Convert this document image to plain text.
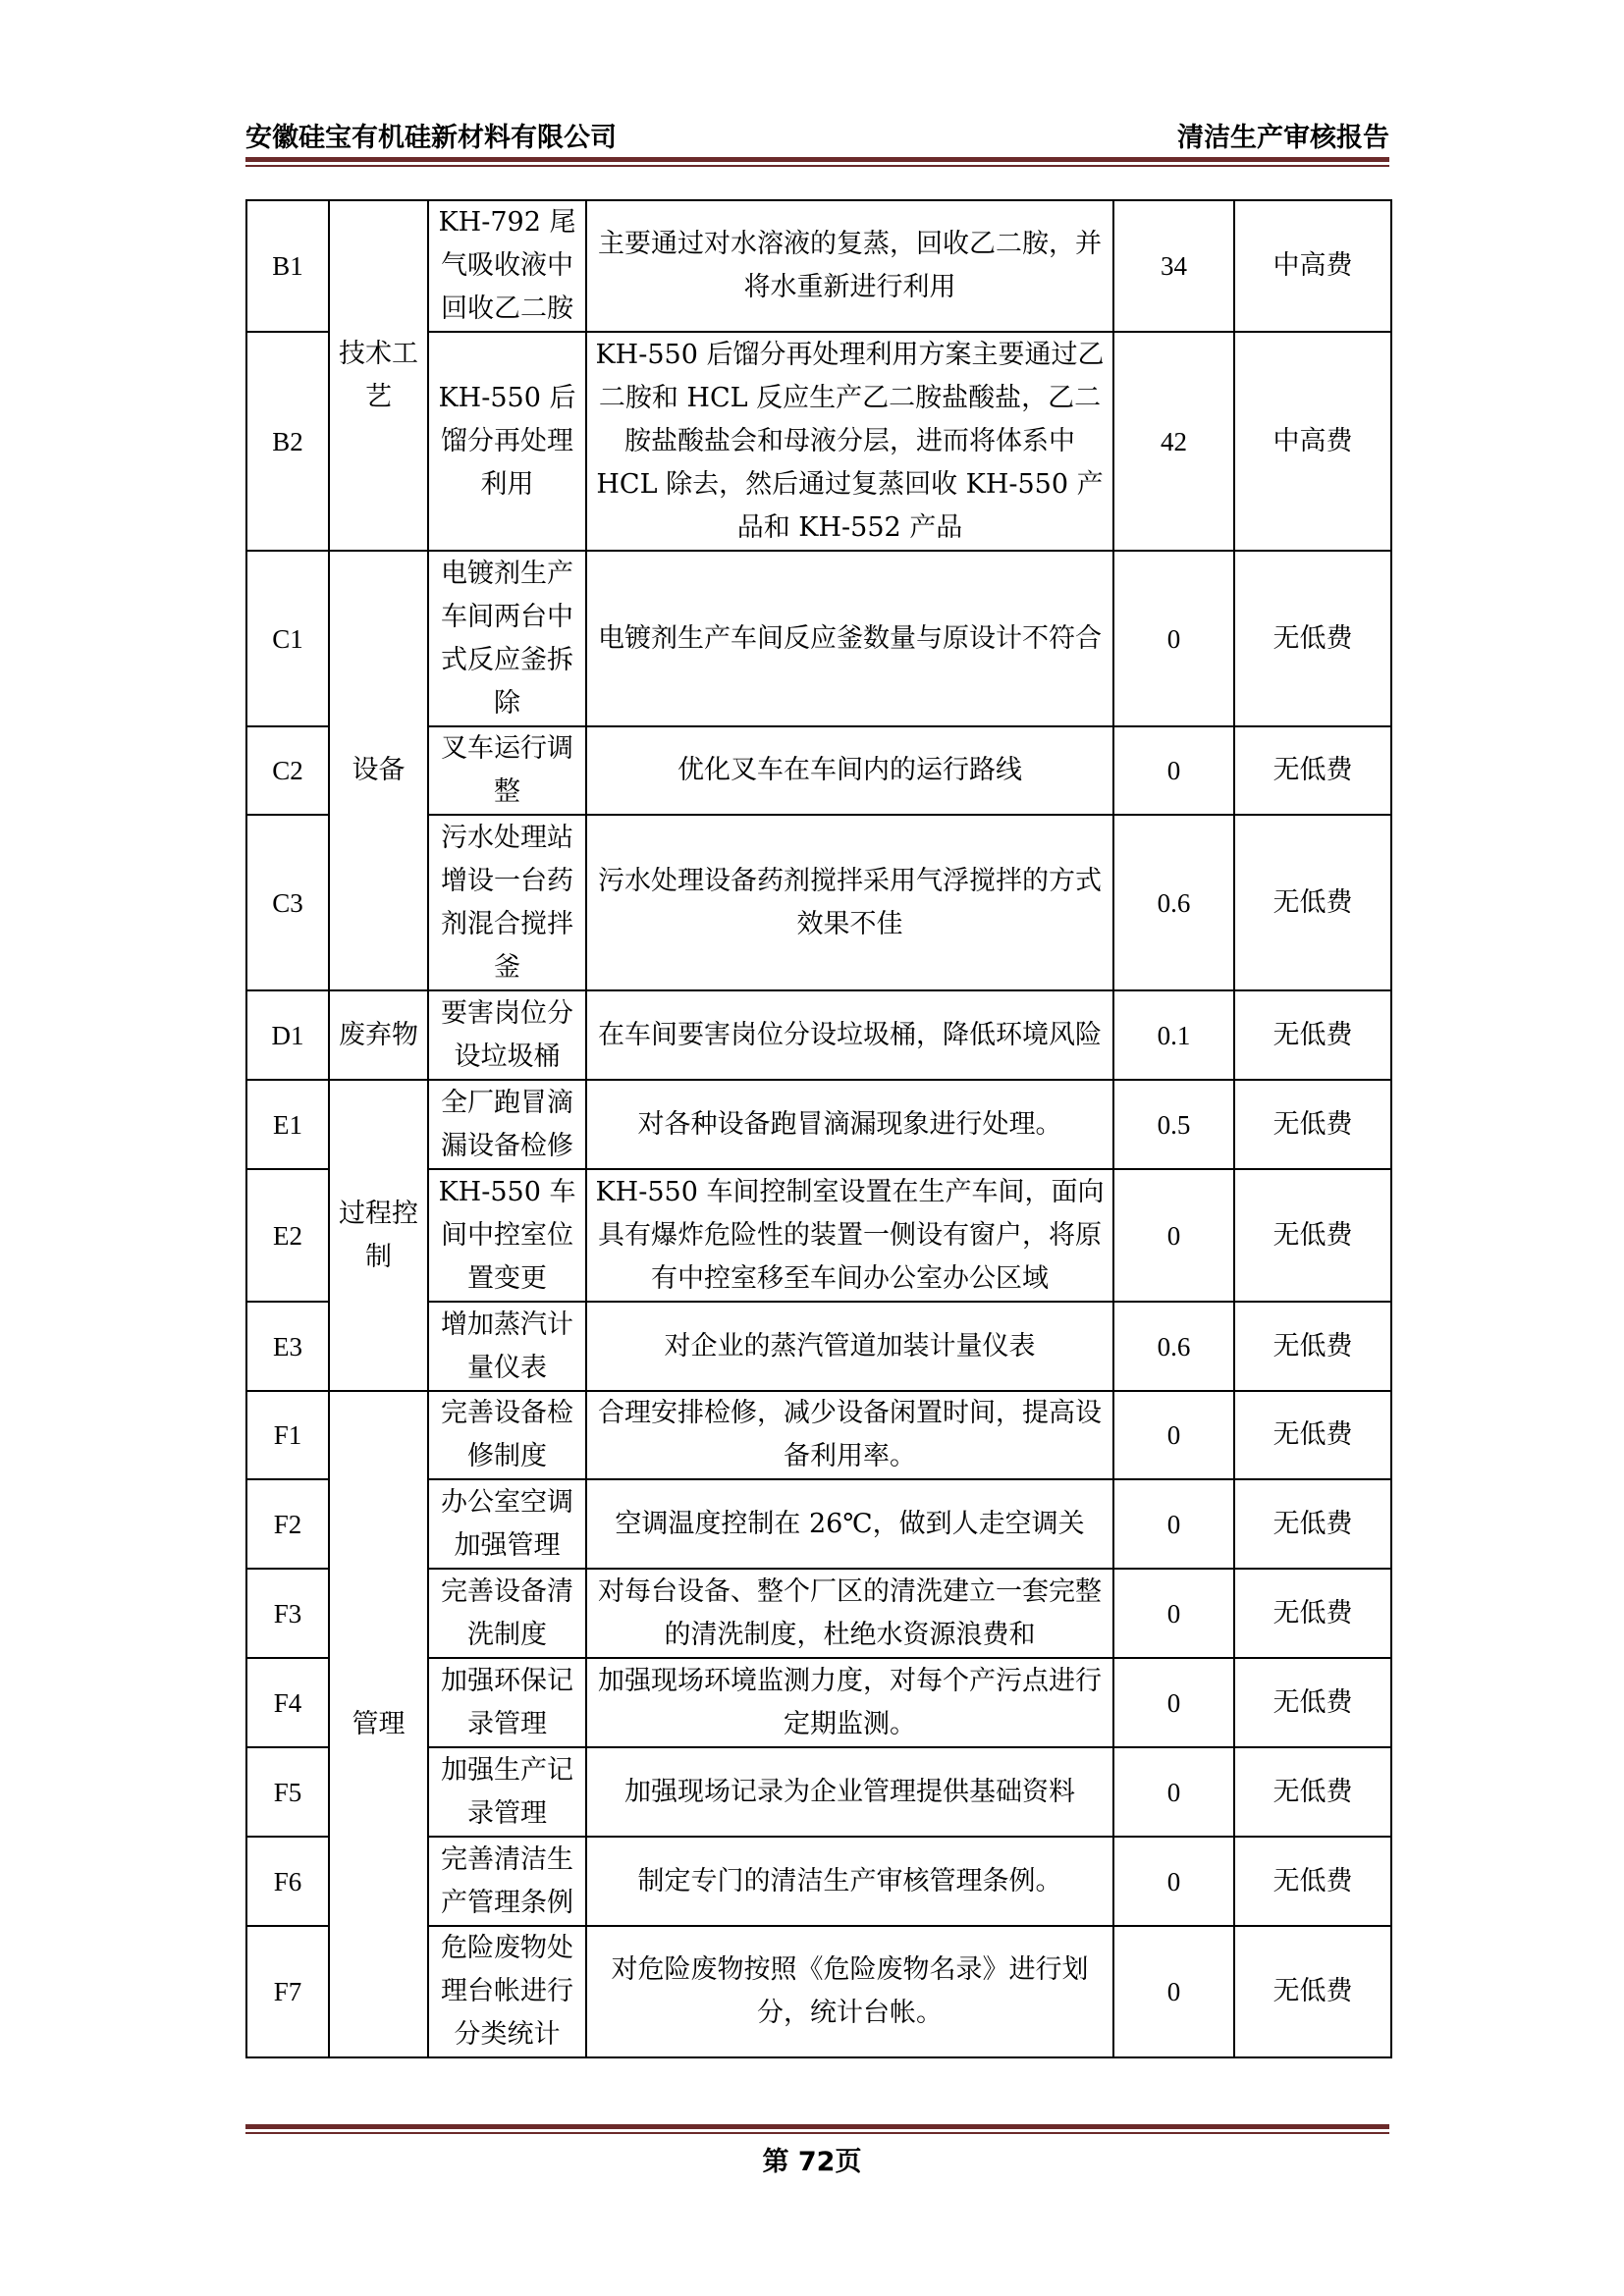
安徽硅宝有机硅新材料有限公司	清洁生产审核报告
B1	技术工艺	KH-792 尾气吸收液中回收乙二胺	主要通过对水溶液的复蒸，回收乙二胺，并将水重新进行利用	34	中高费
B2		KH-550 后馏分再处理利用	KH-550 后馏分再处理利用方案主要通过乙二胺和 HCL 反应生产乙二胺盐酸盐，乙二胺盐酸盐会和母液分层，进而将体系中 HCL 除去，然后通过复蒸回收 KH-550 产品和 KH-552 产品	42	中高费
C1	设备	电镀剂生产车间两台中式反应釜拆除	电镀剂生产车间反应釜数量与原设计不符合	0	无低费
C2		叉车运行调整	优化叉车在车间内的运行路线	0	无低费
C3		污水处理站增设一台药剂混合搅拌釜	污水处理设备药剂搅拌采用气浮搅拌的方式效果不佳	0.6	无低费
D1	废弃物	要害岗位分设垃圾桶	在车间要害岗位分设垃圾桶，降低环境风险	0.1	无低费
E1	过程控制	全厂跑冒滴漏设备检修	对各种设备跑冒滴漏现象进行处理。	0.5	无低费
E2		KH-550 车间中控室位置变更	KH-550 车间控制室设置在生产车间，面向具有爆炸危险性的装置一侧设有窗户，将原有中控室移至车间办公室办公区域	0	无低费
E3		增加蒸汽计量仪表	对企业的蒸汽管道加装计量仪表	0.6	无低费
F1	管理	完善设备检修制度	合理安排检修，减少设备闲置时间，提高设备利用率。	0	无低费
F2		办公室空调加强管理	空调温度控制在 26℃，做到人走空调关	0	无低费
F3		完善设备清洗制度	对每台设备、整个厂区的清洗建立一套完整的清洗制度，杜绝水资源浪费和	0	无低费
F4		加强环保记录管理	加强现场环境监测力度，对每个产污点进行定期监测。	0	无低费
F5		加强生产记录管理	加强现场记录为企业管理提供基础资料	0	无低费
F6		完善清洁生产管理条例	制定专门的清洁生产审核管理条例。	0	无低费
F7		危险废物处理台帐进行分类统计	对危险废物按照《危险废物名录》进行划分，统计台帐。	0	无低费
第 72页
